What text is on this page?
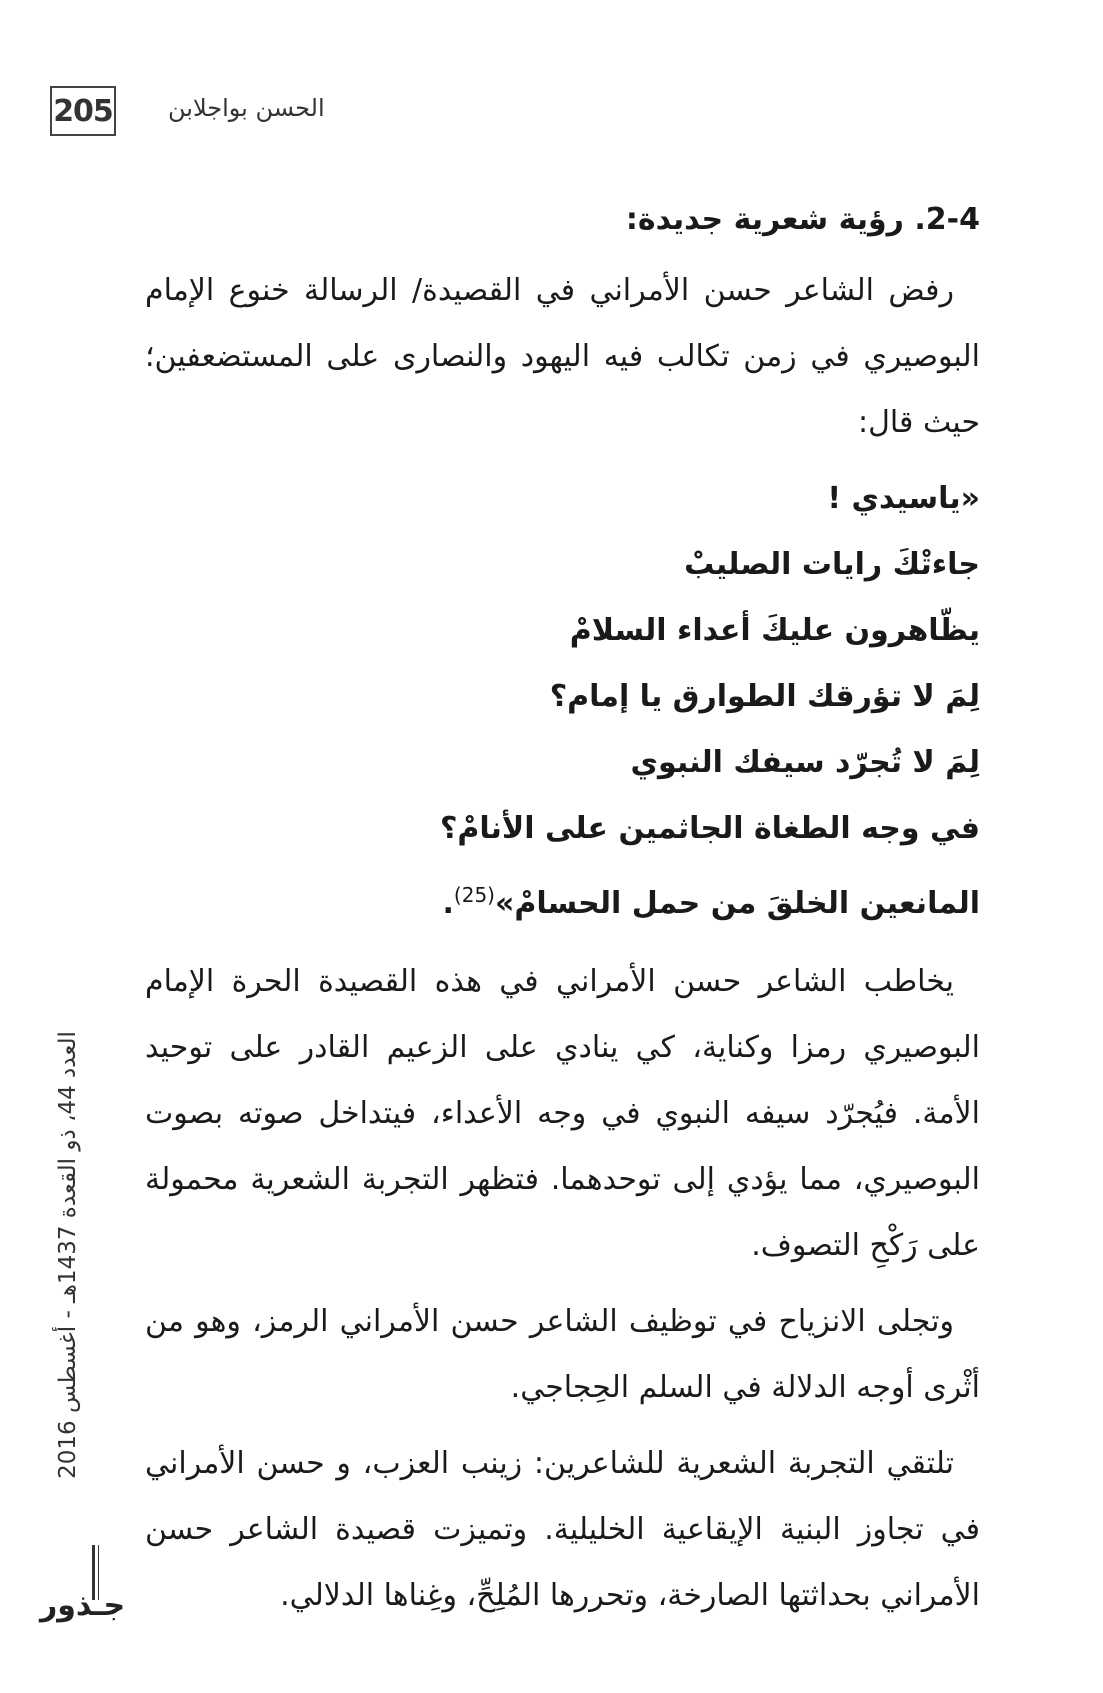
205 الحسن بواجلابن
2-4. رؤية شعرية جديدة:

رفض الشاعر حسن الأمراني في القصيدة/ الرسالة خنوع الإمام البوصيري في زمن تكالب فيه اليهود والنصارى على المستضعفين؛ حيث قال:

«ياسيدي !

جاءتْكَ رايات الصليبْ

يظّاهرون عليكَ أعداء السلامْ

لِمَ لا تؤرقك الطوارق يا إمام؟

لِمَ لا تُجرّد سيفك النبوي

في وجه الطغاة الجاثمين على الأنامْ؟

المانعين الخلقَ من حمل الحسامْ»$^{(25)}$.

يخاطب الشاعر حسن الأمراني في هذه القصيدة الحرة الإمام البوصيري رمزا وكناية، كي ينادي على الزعيم القادر على توحيد الأمة. فيُجرّد سيفه النبوي في وجه الأعداء، فيتداخل صوته بصوت البوصيري، مما يؤدي إلى توحدهما. فتظهر التجربة الشعرية محمولة على رَكْحِ التصوف.

وتجلى الانزياح في توظيف الشاعر حسن الأمراني الرمز، وهو من أثْرى أوجه الدلالة في السلم الحِجاجي.

تلتقي التجربة الشعرية للشاعرين: زينب العزب، و حسن الأمراني في تجاوز البنية الإيقاعية الخليلية. وتميزت قصيدة الشاعر حسن الأمراني بحداثتها الصارخة، وتحررها المُلِحِّ، وغِناها الدلالي.

العدد 44، ذو القعدة 1437هـ - أغسطس 2016
جـذور
